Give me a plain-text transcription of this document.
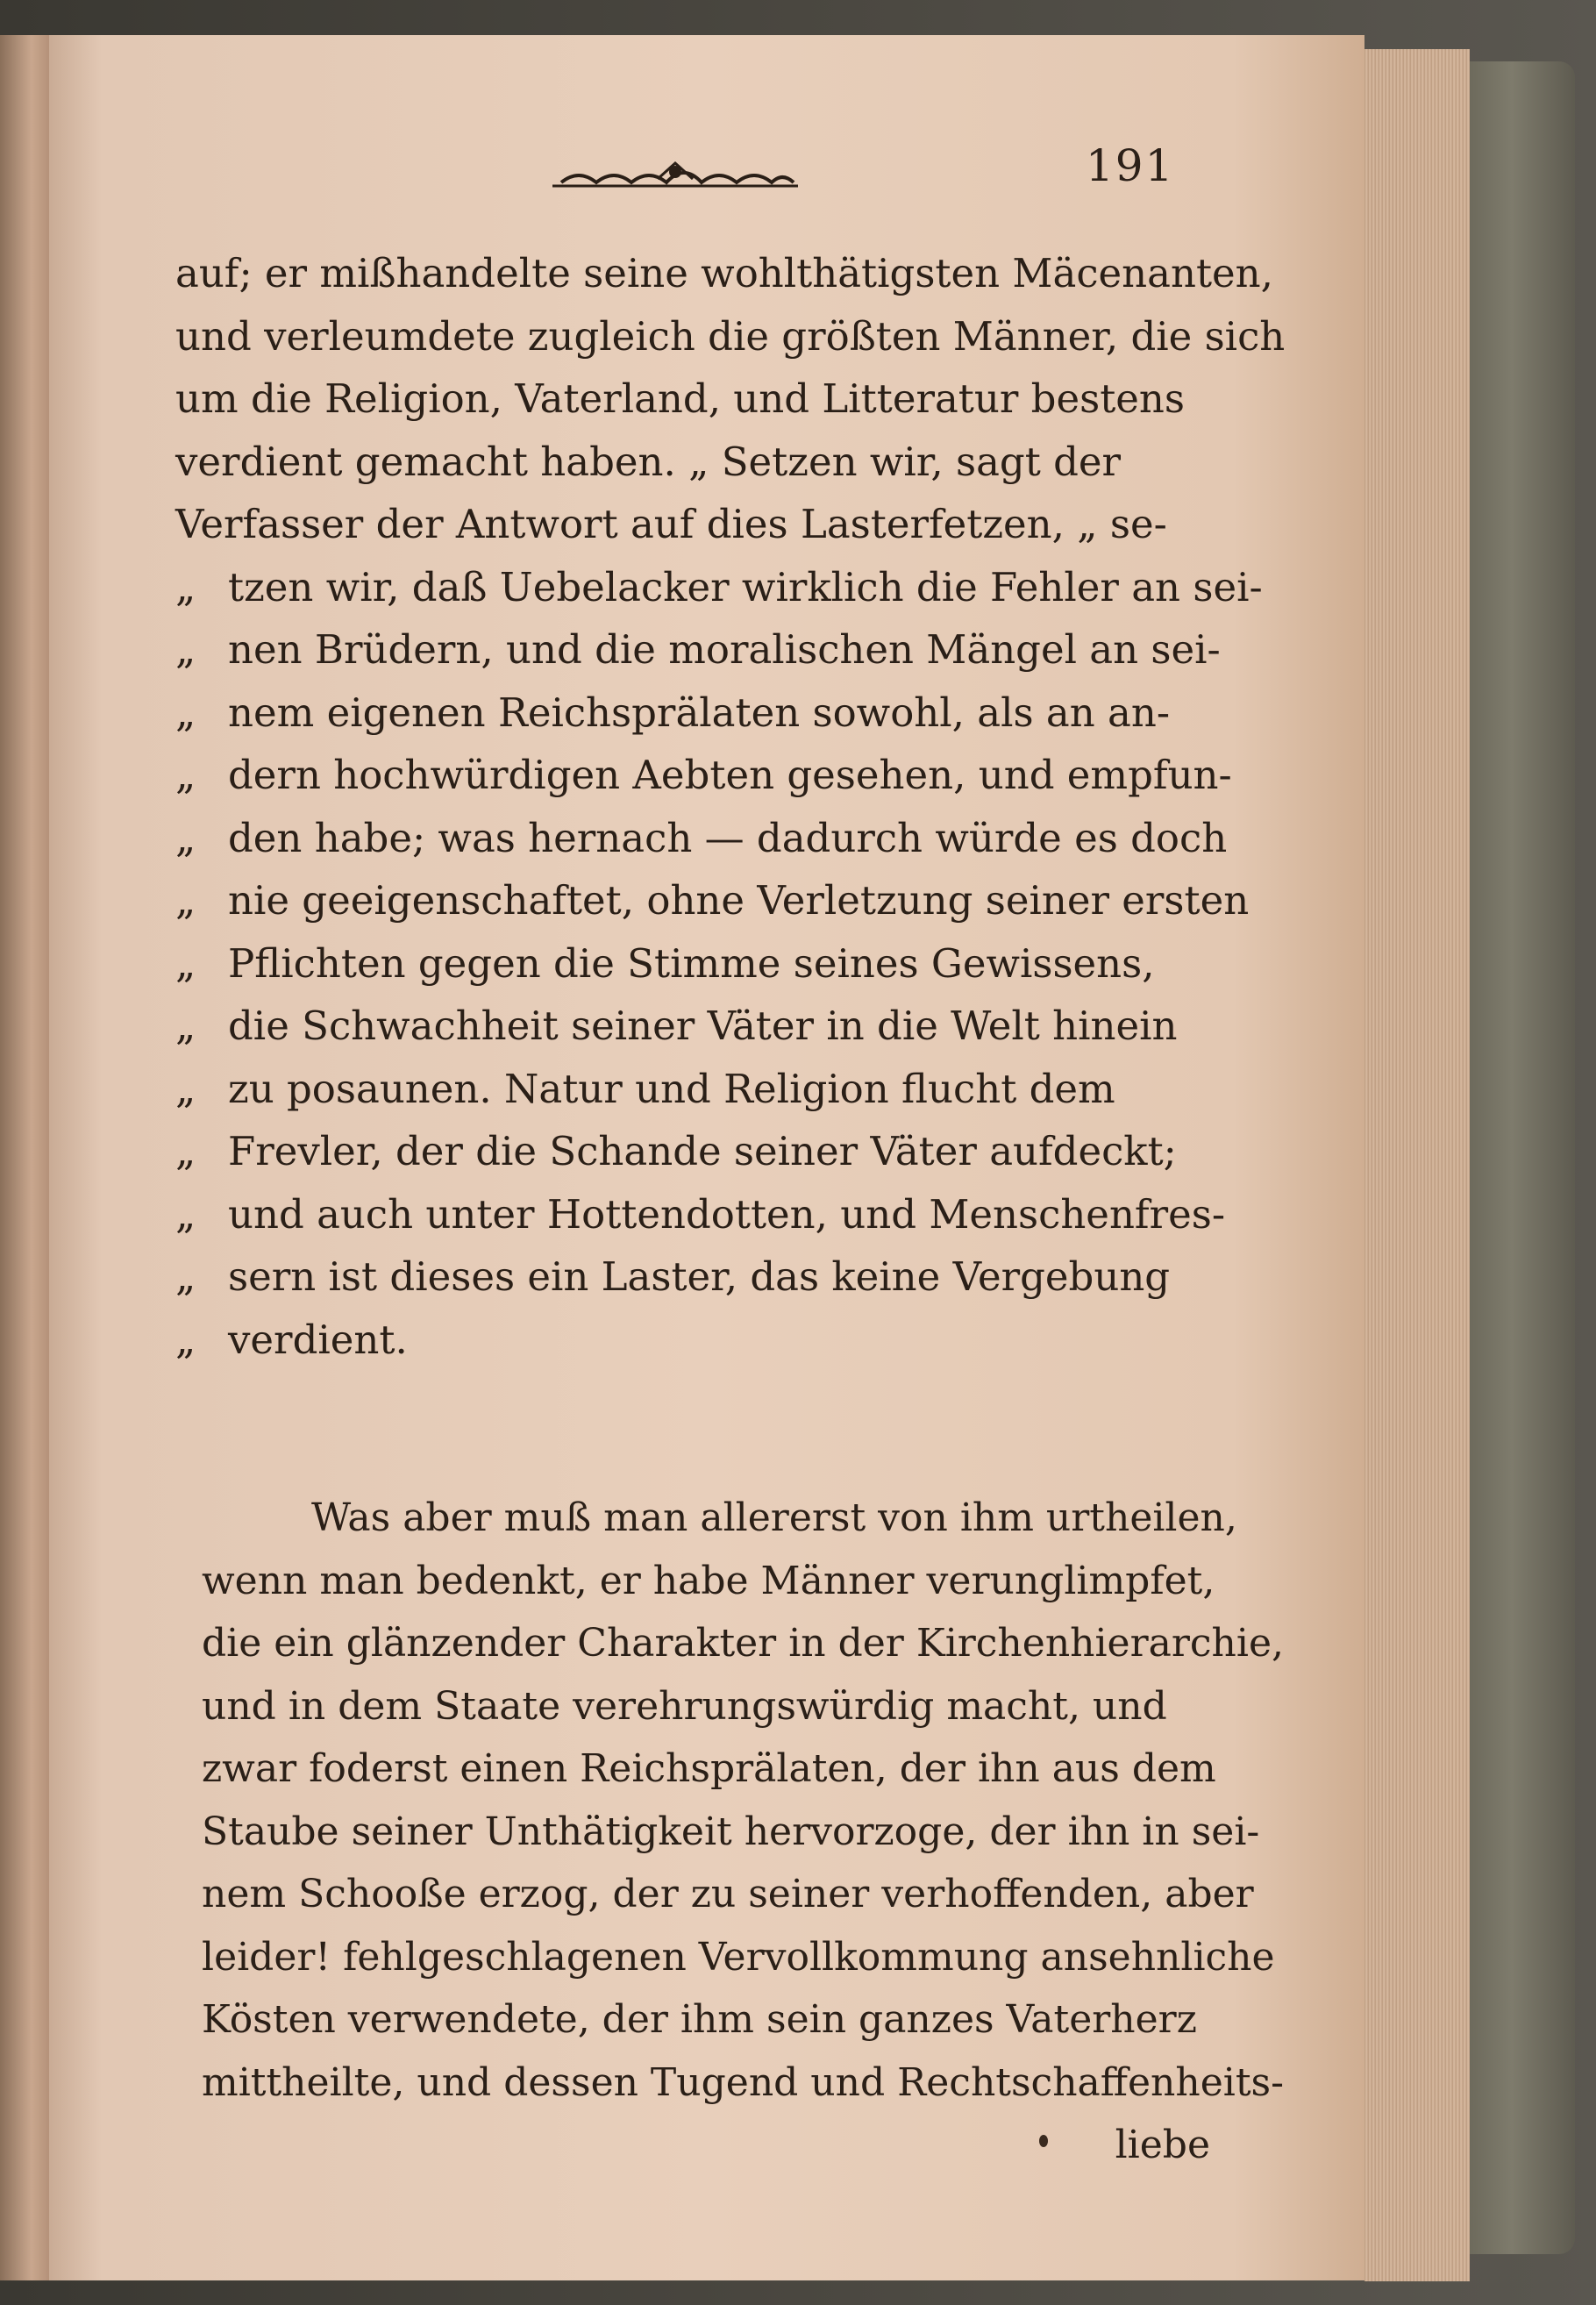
191
auf; er mißhandelte seine wohlthätigsten Mäcenanten,
und verleumdete zugleich die größten Männer, die sich
um die Religion, Vaterland, und Litteratur bestens
verdient gemacht haben. „ Setzen wir, sagt der
Verfasser der Antwort auf dies Lasterfetzen, „ se-
„ tzen wir, daß Uebelacker wirklich die Fehler an sei-
„ nen Brüdern, und die moralischen Mängel an sei-
„ nem eigenen Reichsprälaten sowohl, als an an-
„ dern hochwürdigen Aebten gesehen, und empfun-
„ den habe; was hernach — dadurch würde es doch
„ nie geeigenschaftet, ohne Verletzung seiner ersten
„ Pflichten gegen die Stimme seines Gewissens,
„ die Schwachheit seiner Väter in die Welt hinein
„ zu posaunen. Natur und Religion flucht dem
„ Frevler, der die Schande seiner Väter aufdeckt;
„ und auch unter Hottendotten, und Menschenfres-
„ sern ist dieses ein Laster, das keine Vergebung
„ verdient.
Was aber muß man allererst von ihm urtheilen,
wenn man bedenkt, er habe Männer verunglimpfet,
die ein glänzender Charakter in der Kirchenhierarchie,
und in dem Staate verehrungswürdig macht, und
zwar foderst einen Reichsprälaten, der ihn aus dem
Staube seiner Unthätigkeit hervorzoge, der ihn in sei-
nem Schooße erzog, der zu seiner verhoffenden, aber
leider! fehlgeschlagenen Vervollkommung ansehnliche
Kösten verwendete, der ihm sein ganzes Vaterherz
mittheilte, und dessen Tugend und Rechtschaffenheits-
liebe
